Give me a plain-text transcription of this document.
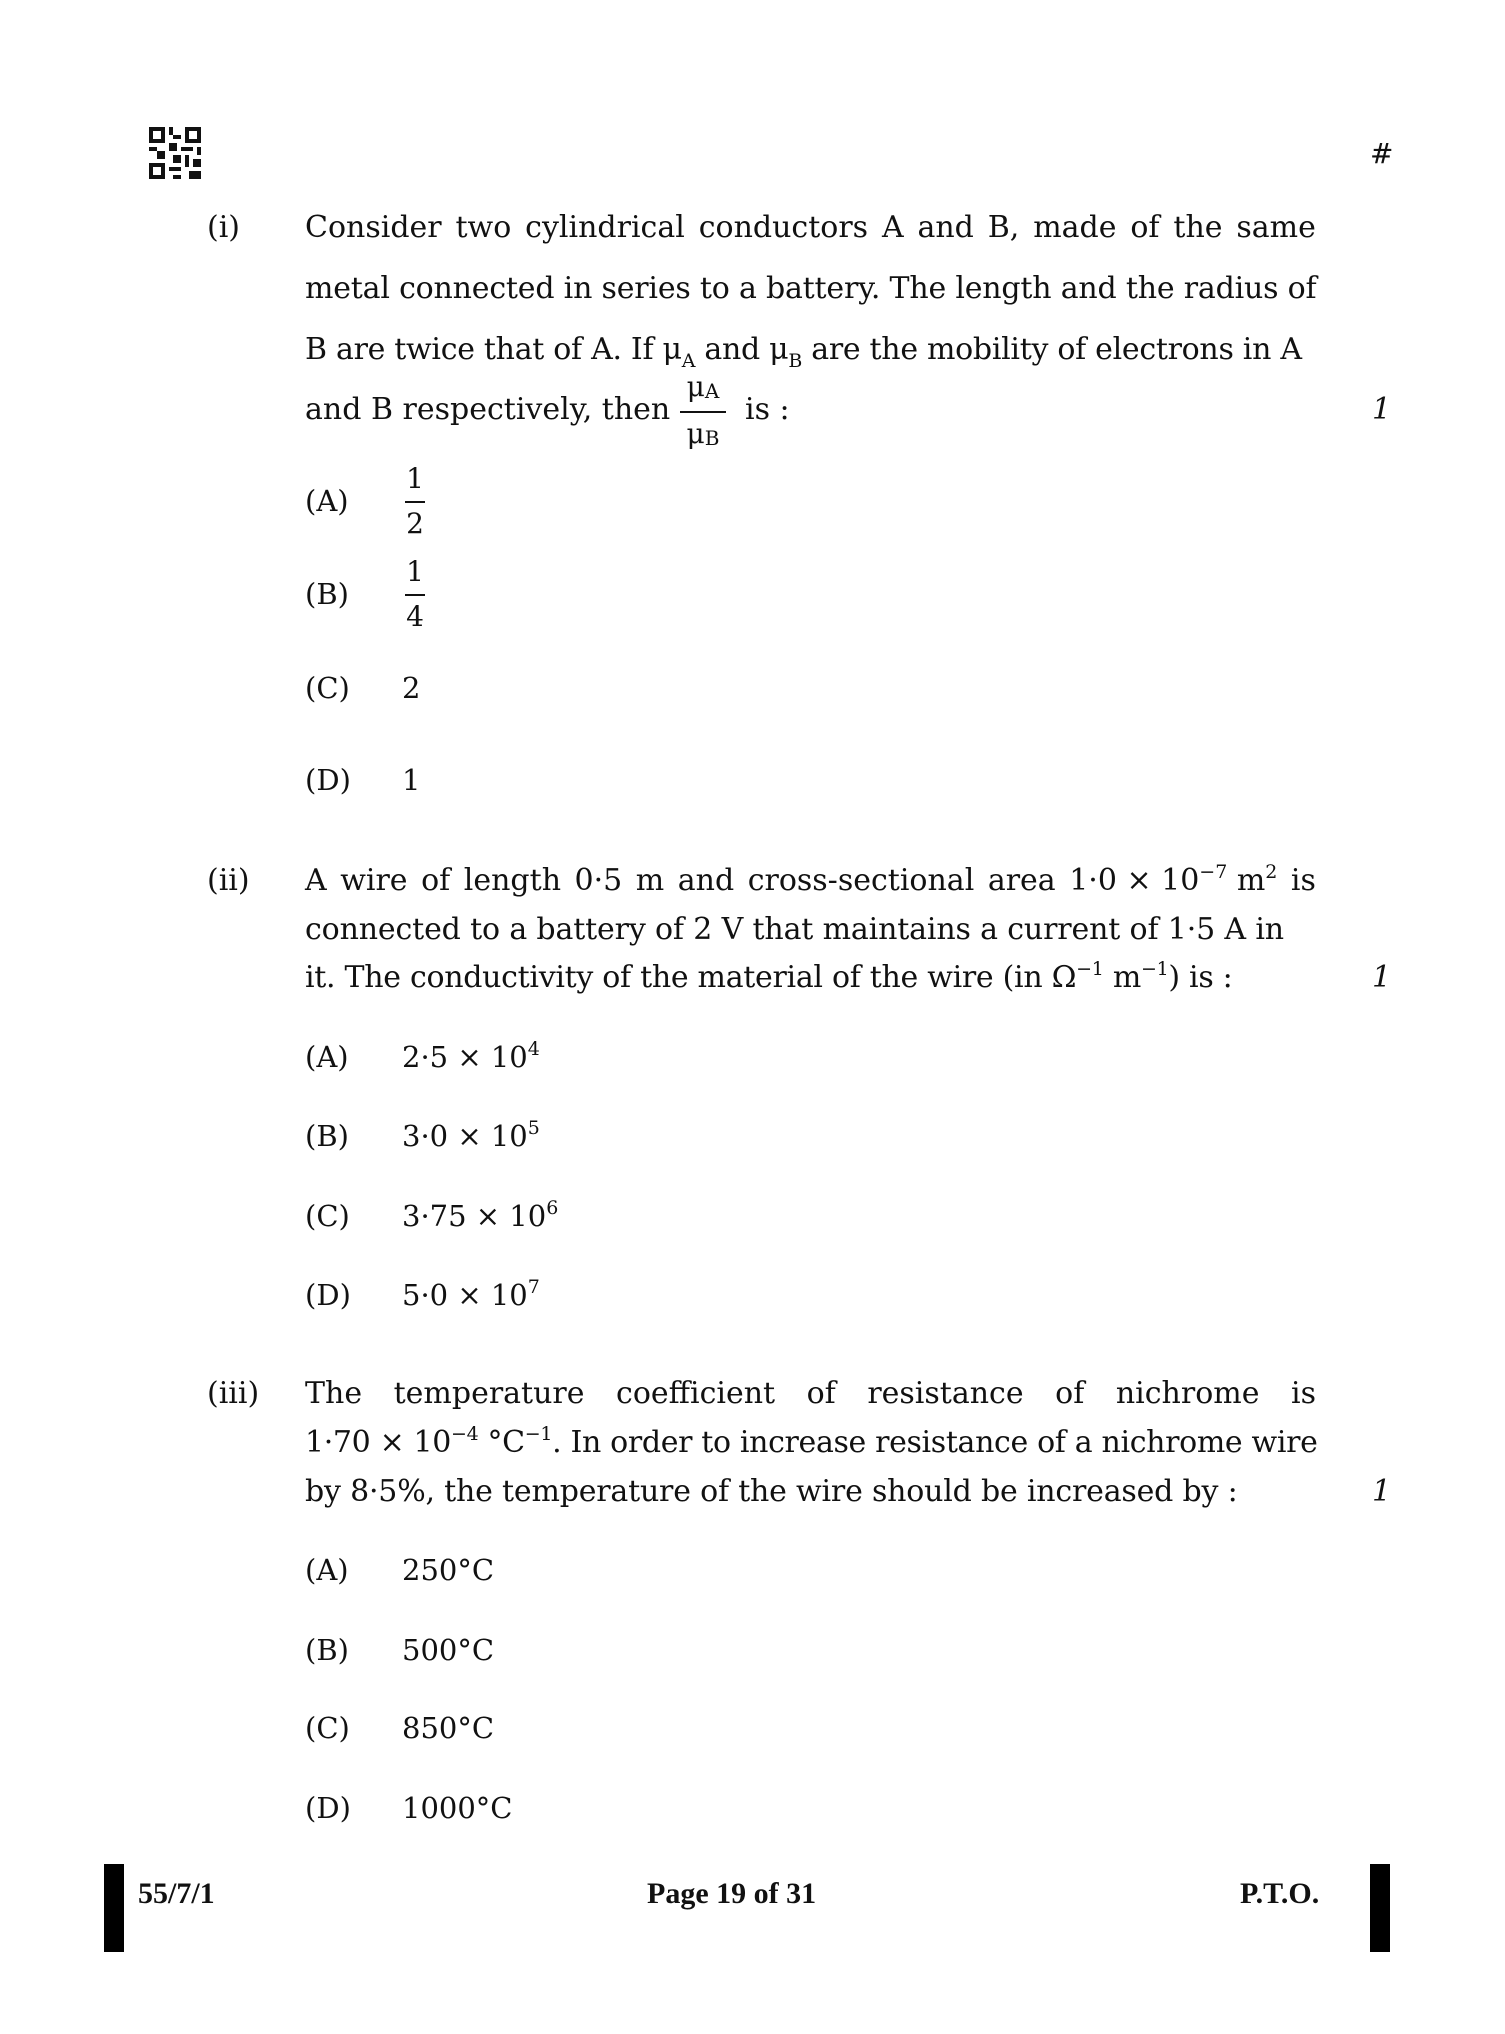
#
(i) Consider two cylindrical conductors A and B, made of the same
metal connected in series to a battery. The length and the radius of
B are twice that of A. If $\mu_A$ and $\mu_B$ are the mobility of electrons in A
and B respectively, then
$\mu_A$
$\mu_B$
is :	1
(A)
1
2
(B)
1
4
(C) 2
(D) 1
(ii) A wire of length 0·5 m and cross-sectional area $1\cdot 0 \times 10^{-7}$ $m^2$ is
connected to a battery of 2 V that maintains a current of 1·5 A in
it. The conductivity of the material of the wire (in $\Omega^{-1}$ $m^{-1}$) is :	1
(A) $2\cdot 5 \times 10^4$
(B) $3\cdot 0 \times 10^5$
(C) $3\cdot 75 \times 10^6$
(D) $5\cdot 0 \times 10^7$
(iii) The temperature coefficient of resistance of nichrome is
$1\cdot 70 \times 10^{-4}$ $^\circ C^{-1}$. In order to increase resistance of a nichrome wire
by 8·5%, the temperature of the wire should be increased by :	1
(A) 250°C
(B) 500°C
(C) 850°C
(D) 1000°C
55/7/1	Page 19 of 31	P.T.O.
